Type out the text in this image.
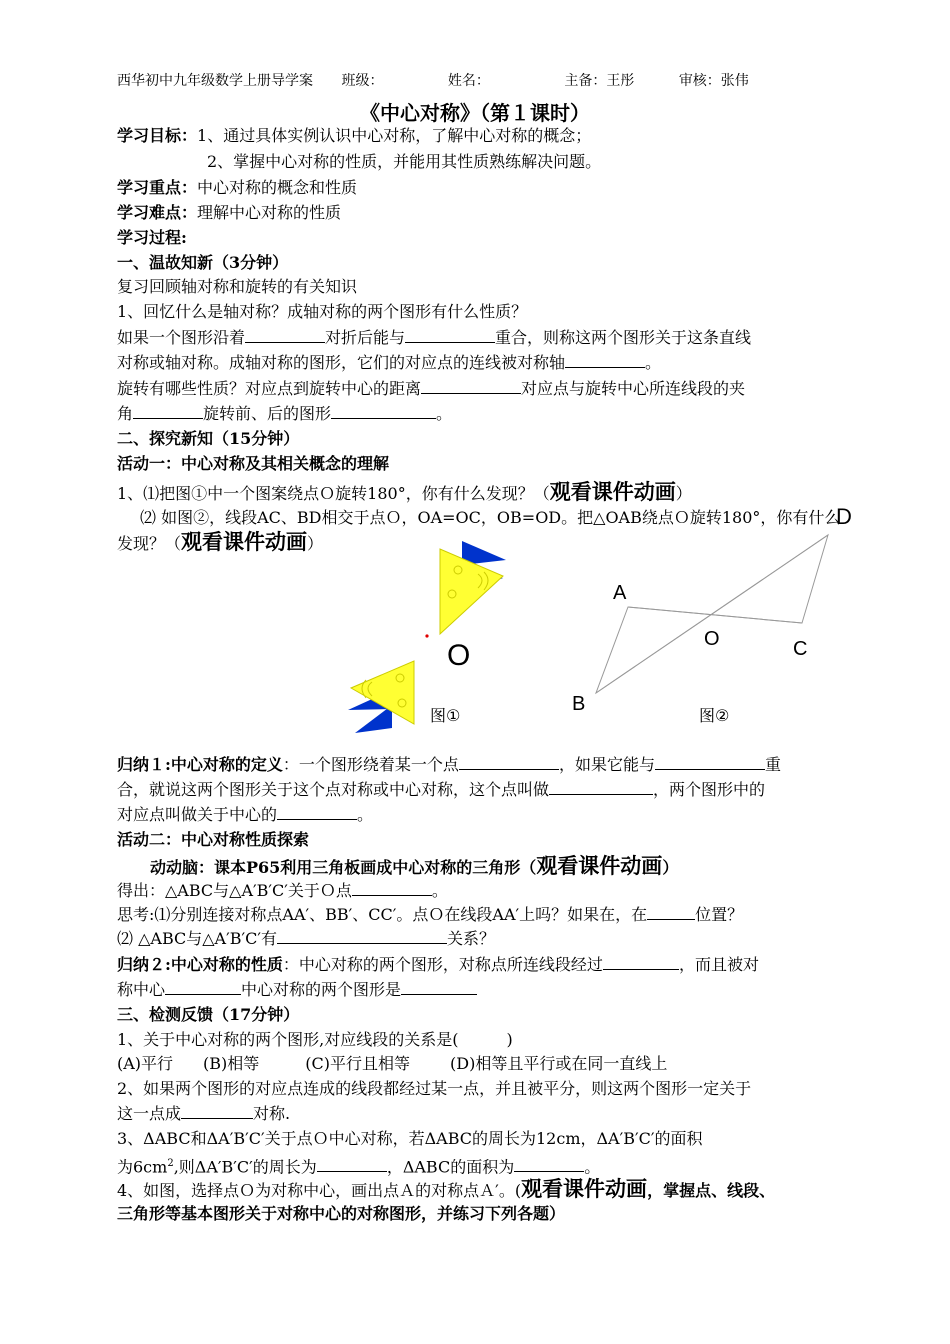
西华初中九年级数学上册导学案 班级：	姓名：	主备：王彤	审核：张伟
《中心对称》（第１课时）
学习目标：1、通过具体实例认识中心对称，了解中心对称的概念；
2、掌握中心对称的性质，并能用其性质熟练解决问题。
学习重点：中心对称的概念和性质
学习难点：理解中心对称的性质
学习过程:
一、温故知新（3分钟）
复习回顾轴对称和旋转的有关知识
1、回忆什么是轴对称？成轴对称的两个图形有什么性质？
如果一个图形沿着	对折后能与	重合，则称这两个图形关于这条直线
对称或轴对称。成轴对称的图形，它们的对应点的连线被对称轴	。
旋转有哪些性质？对应点到旋转中心的距离	对应点与旋转中心所连线段的夹
角	旋转前、后的图形	。
二、探究新知（15分钟）
活动一：中心对称及其相关概念的理解
1、⑴把图①中一个图案绕点Ｏ旋转180°，你有什么发现？（观看课件动画）
⑵ 如图②，线段AC、BD相交于点Ｏ，OA=OC，OB=OD。把△OAB绕点Ｏ旋转180°，你有什么
发现？（观看课件动画）
O
图①
A
O	C
B
D
图②
归纳１:中心对称的定义：一个图形绕着某一个点	，如果它能与	重
合，就说这两个图形关于这个点对称或中心对称，这个点叫做	，两个图形中的
对应点叫做关于中心的	。
活动二：中心对称性质探索
动动脑：课本P65利用三角板画成中心对称的三角形（观看课件动画）
得出：△ABC与△A′B′C′关于Ｏ点	。
思考:⑴分别连接对称点AA′、BB′、CC′。点Ｏ在线段AA′上吗？如果在，在	位置？
⑵ △ABC与△A′B′C′有	关系？
归纳２:中心对称的性质：中心对称的两个图形，对称点所连线段经过	，而且被对
称中心	中心对称的两个图形是
三、检测反馈（17分钟）
1、关于中心对称的两个图形,对应线段的关系是(　　　)
(A)平行 (B)相等	(C)平行且相等	(D)相等且平行或在同一直线上
2、如果两个图形的对应点连成的线段都经过某一点，并且被平分，则这两个图形一定关于
这一点成	对称.
3、ΔABC和ΔA′B′C′关于点Ｏ中心对称，若ΔABC的周长为12cm，ΔA′B′C′的面积
为$6cm^2$,则ΔA′B′C′的周长为	，ΔABC的面积为	。
4、如图，选择点Ｏ为对称中心，画出点Ａ的对称点Ａ′。(观看课件动画，掌握点、线段、
三角形等基本图形关于对称中心的对称图形，并练习下列各题）
